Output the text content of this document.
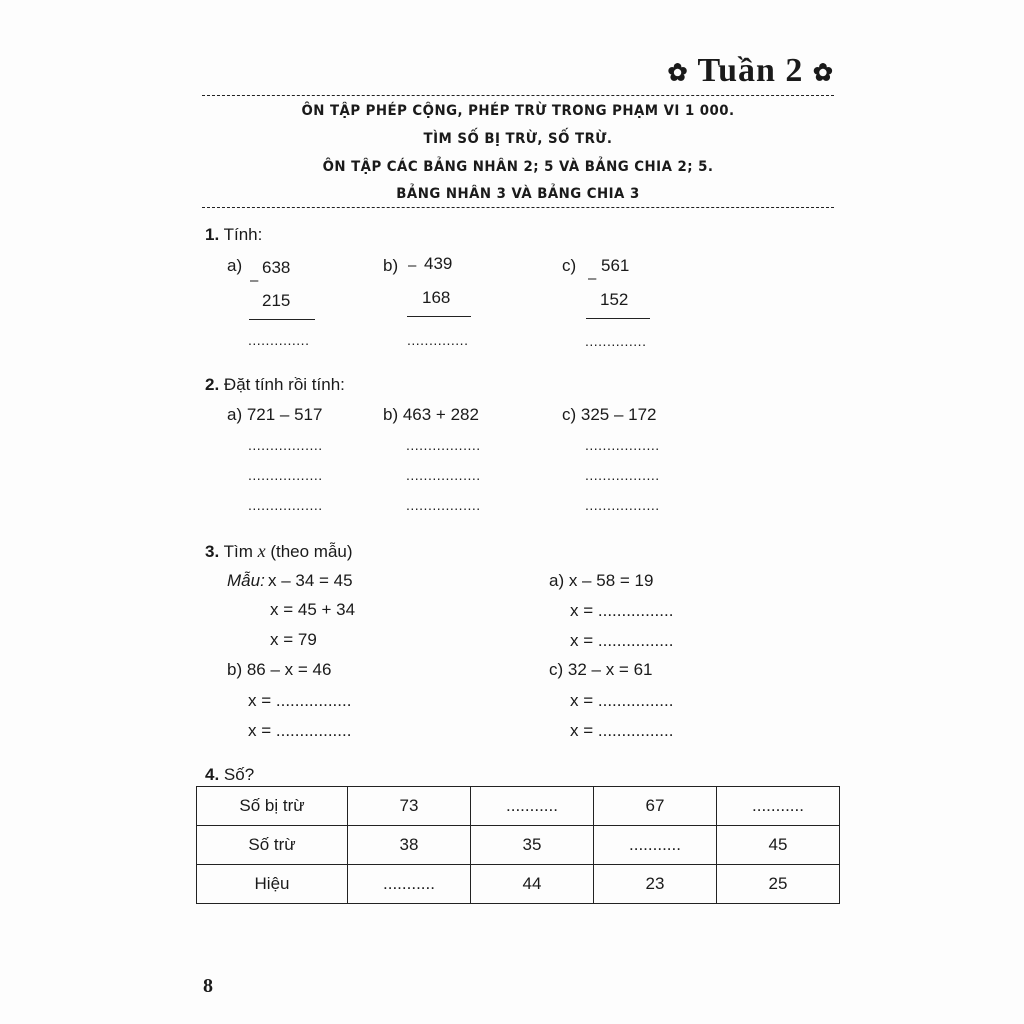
✿ Tuần 2 ✿
ÔN TẬP PHÉP CỘNG, PHÉP TRỪ TRONG PHẠM VI 1 000.
TÌM SỐ BỊ TRỪ, SỐ TRỪ.
ÔN TẬP CÁC BẢNG NHÂN 2; 5 VÀ BẢNG CHIA 2; 5.
BẢNG NHÂN 3 VÀ BẢNG CHIA 3
1. Tính:
a) 638
–
215
..............
b) 439
–
168
..............
c) 561
–
152
..............
2. Đặt tính rồi tính:
a) 721 – 517	b) 463 + 282	c) 325 – 172
.................
.................
.................
.................
.................
.................
.................
.................
.................
3. Tìm x (theo mẫu)
Mẫu: x – 34 = 45
x = 45 + 34
x = 79
a) x – 58 = 19
x = ................
x = ................
b) 86 – x = 46
x = ................
x = ................
c) 32 – x = 61
x = ................
x = ................
4. Số?
Số bị trừ	73	...........	67	...........
Số trừ	38	35	...........	45
Hiệu	...........	44	23	25
8
